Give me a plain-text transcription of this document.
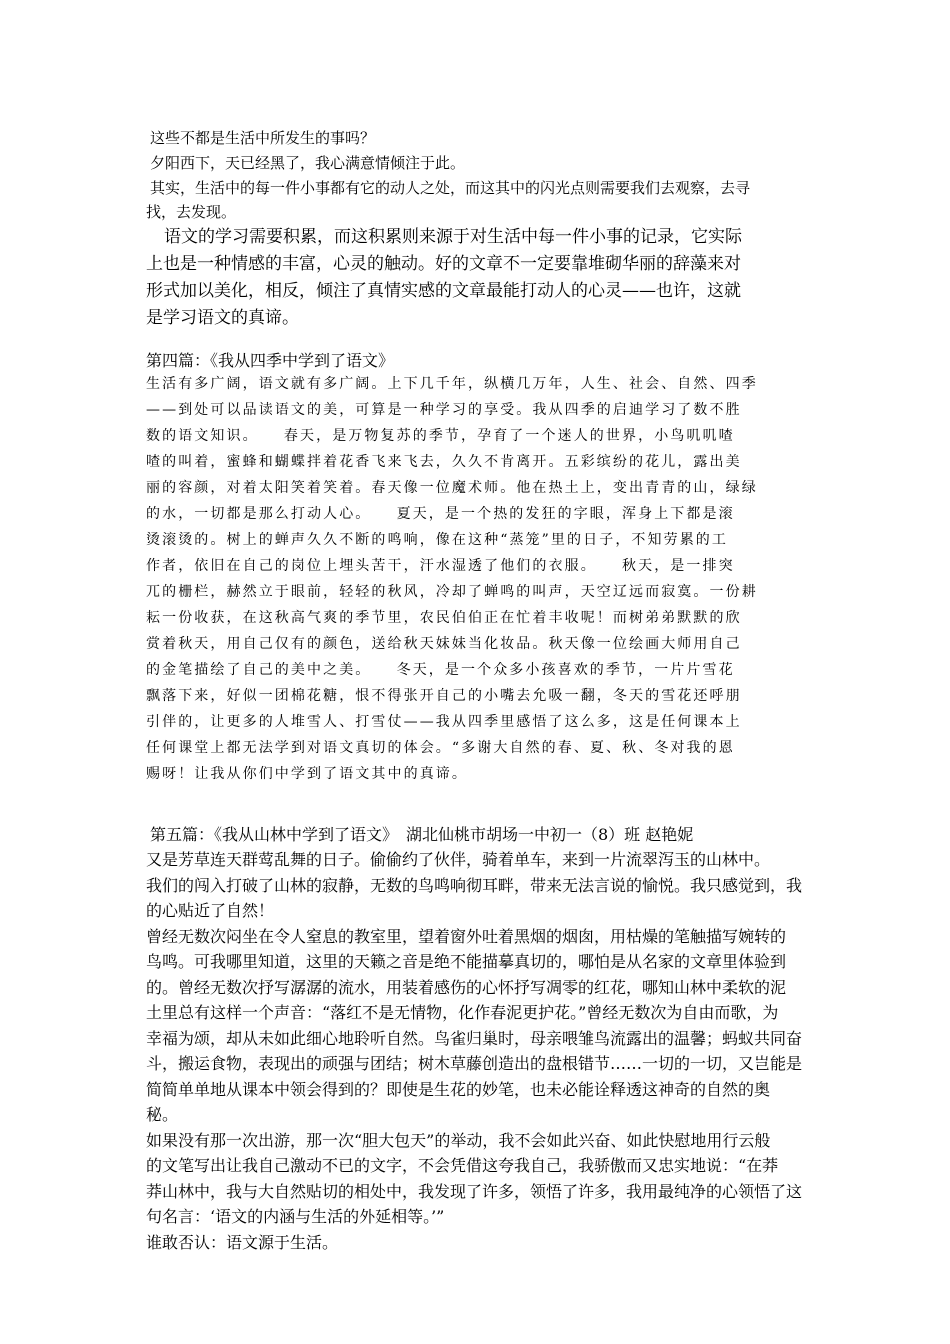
这些不都是生活中所发生的事吗？

夕阳西下，天已经黑了，我心满意情倾注于此。

其实，生活中的每一件小事都有它的动人之处，而这其中的闪光点则需要我们去观察，去寻

找，去发现。

语文的学习需要积累，而这积累则来源于对生活中每一件小事的记录，它实际
上也是一种情感的丰富，心灵的触动。好的文章不一定要靠堆砌华丽的辞藻来对
形式加以美化，相反，倾注了真情实感的文章最能打动人的心灵——也许，这就
是学习语文的真谛。

第四篇：《我从四季中学到了语文》

生活有多广阔，语文就有多广阔。上下几千年，纵横几万年，人生、社会、自然、四季
——到处可以品读语文的美，可算是一种学习的享受。我从四季的启迪学习了数不胜
数的语文知识。　　春天，是万物复苏的季节，孕育了一个迷人的世界，小鸟叽叽喳
喳的叫着，蜜蜂和蝴蝶拌着花香飞来飞去，久久不肯离开。五彩缤纷的花儿，露出美
丽的容颜，对着太阳笑着笑着。春天像一位魔术师。他在热土上，变出青青的山，绿绿
的水，一切都是那么打动人心。　　夏天，是一个热的发狂的字眼，浑身上下都是滚
烫滚烫的。树上的蝉声久久不断的鸣响，像在这种“蒸笼”里的日子，不知劳累的工
作者，依旧在自己的岗位上埋头苦干，汗水湿透了他们的衣服。　　秋天，是一排突
兀的栅栏，赫然立于眼前，轻轻的秋风，冷却了蝉鸣的叫声，天空辽远而寂寞。一份耕
耘一份收获，在这秋高气爽的季节里，农民伯伯正在忙着丰收呢！而树弟弟默默的欣
赏着秋天，用自己仅有的颜色，送给秋天妹妹当化妆品。秋天像一位绘画大师用自己
的金笔描绘了自己的美中之美。　　冬天，是一个众多小孩喜欢的季节，一片片雪花
飘落下来，好似一团棉花糖，恨不得张开自己的小嘴去允吸一翻，冬天的雪花还呼朋
引伴的，让更多的人堆雪人、打雪仗——我从四季里感悟了这么多，这是任何课本上
任何课堂上都无法学到对语文真切的体会。“多谢大自然的春、夏、秋、冬对我的恩
赐呀！让我从你们中学到了语文其中的真谛。

第五篇：《我从山林中学到了语文》　湖北仙桃市胡场一中初一（8）班 赵艳妮

又是芳草连天群莺乱舞的日子。偷偷约了伙伴，骑着单车，来到一片流翠泻玉的山林中。
我们的闯入打破了山林的寂静，无数的鸟鸣响彻耳畔，带来无法言说的愉悦。我只感觉到，我
的心贴近了自然！
曾经无数次闷坐在令人窒息的教室里，望着窗外吐着黑烟的烟囱，用枯燥的笔触描写婉转的
鸟鸣。可我哪里知道，这里的天籁之音是绝不能描摹真切的，哪怕是从名家的文章里体验到
的。曾经无数次抒写潺潺的流水，用装着感伤的心怀抒写凋零的红花，哪知山林中柔软的泥
土里总有这样一个声音：“落红不是无情物，化作春泥更护花。”曾经无数次为自由而歌，为
幸福为颂，却从未如此细心地聆听自然。鸟雀归巢时，母亲喂雏鸟流露出的温馨；蚂蚁共同奋
斗，搬运食物，表现出的顽强与团结；树木草藤创造出的盘根错节……一切的一切，又岂能是
简简单单地从课本中领会得到的？即使是生花的妙笔，也未必能诠释透这神奇的自然的奥
秘。
如果没有那一次出游，那一次“胆大包天”的举动，我不会如此兴奋、如此快慰地用行云般
的文笔写出让我自己激动不已的文字，不会凭借这夸我自己，我骄傲而又忠实地说：“在莽
莽山林中，我与大自然贴切的相处中，我发现了许多，领悟了许多，我用最纯净的心领悟了这
句名言：‘语文的内涵与生活的外延相等。’”
谁敢否认：语文源于生活。
